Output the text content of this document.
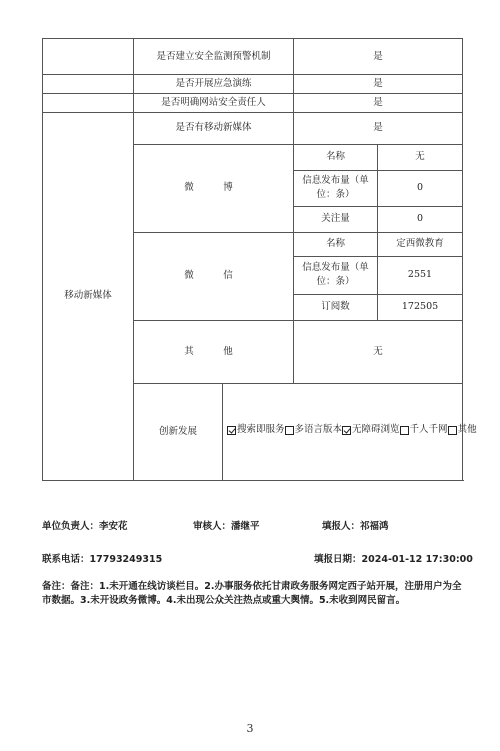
	是否建立安全监测预警机制		是	
	是否开展应急演练		是	
	是否明确网站安全责任人		是	
移动新媒体	是否有移动新媒体		是	
	微　博		名称	无
			信息发布量（单位：条）	0
			关注量	0
	微　信		名称	定西微教育
			信息发布量（单位：条）	2551
			订阅数	172505
	其　他		无	
	创新发展	搜索即服务 多语言版本 无障碍浏览 千人千网 其他		
单位负责人：李安花	审核人：潘继平	填报人：祁福鸿
联系电话：17793249315	填报日期：2024-01-12 17:30:00
备注：备注：1.未开通在线访谈栏目。2.办事服务依托甘肃政务服务网定西子站开展，注册用户为全市数据。3.未开设政务微博。4.未出现公众关注热点或重大舆情。5.未收到网民留言。
3
